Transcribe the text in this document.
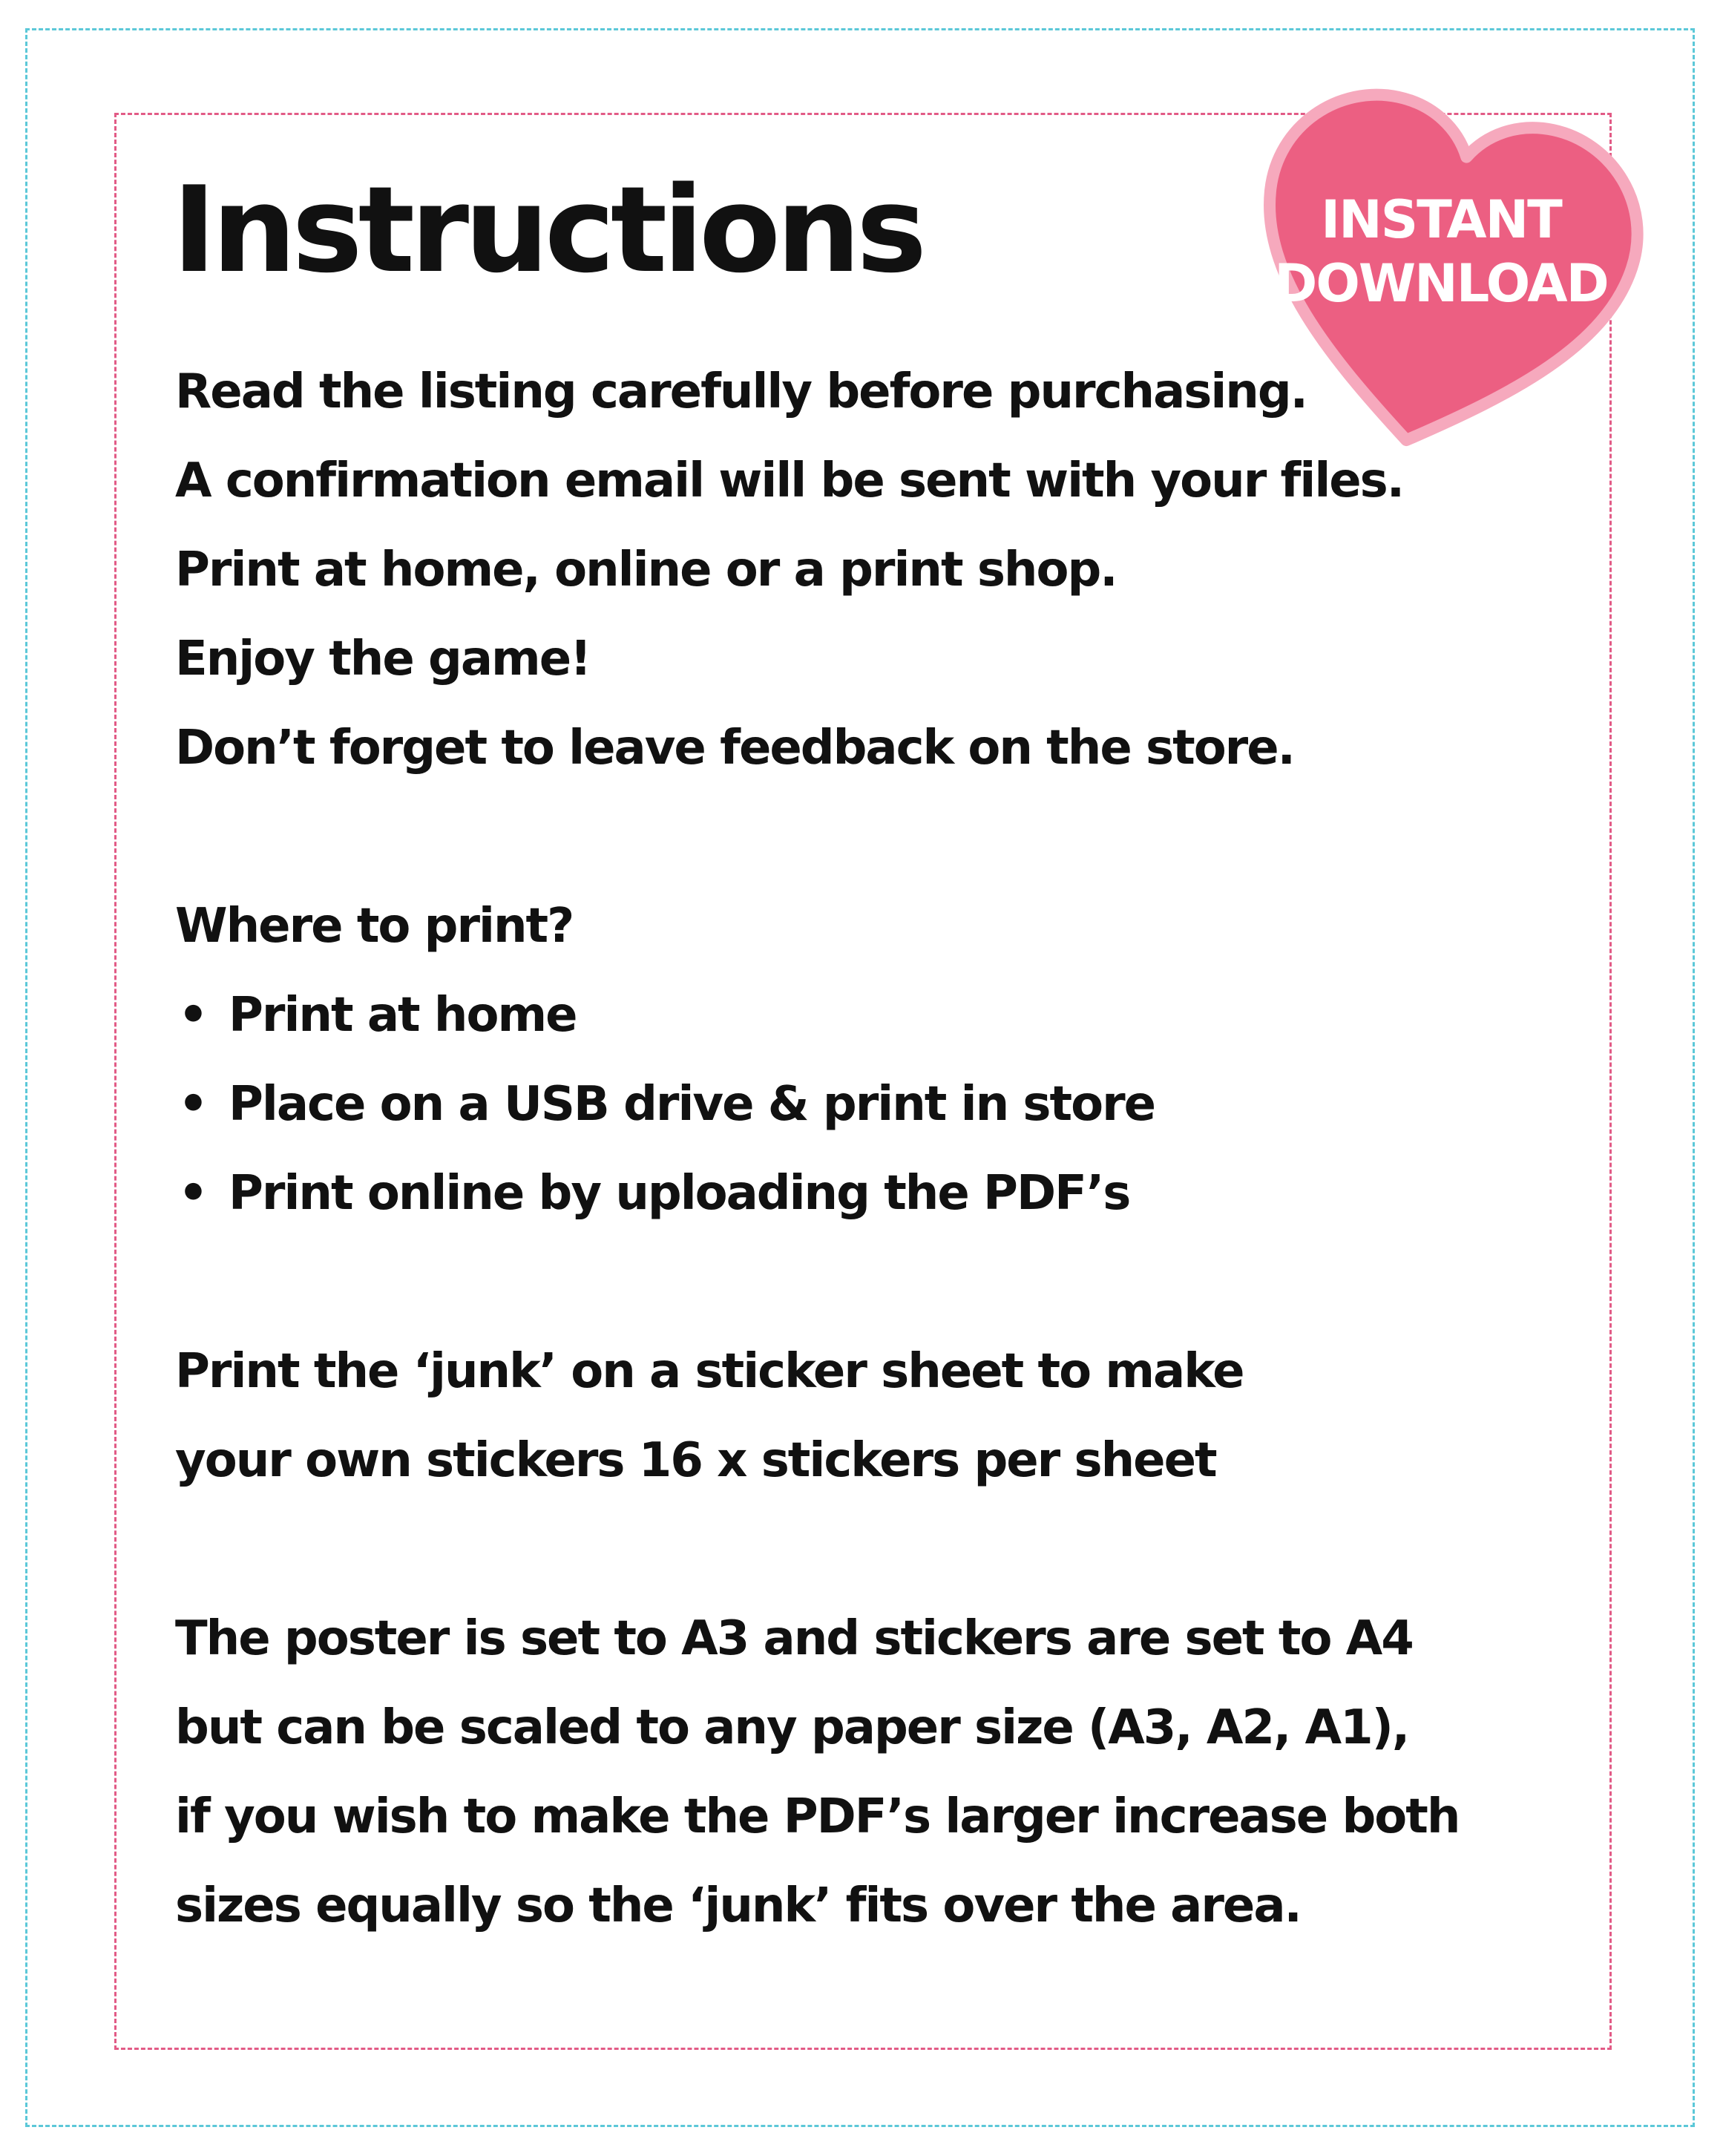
Instructions	INSTANT
DOWNLOAD
Read the listing carefully before purchasing.
A confirmation email will be sent with your files.
Print at home, online or a print shop.
Enjoy the game!
Don’t forget to leave feedback on the store.
Where to print?
• Print at home
• Place on a USB drive & print in store
• Print online by uploading the PDF’s
Print the ‘junk’ on a sticker sheet to make
your own stickers 16 x stickers per sheet
The poster is set to A3 and stickers are set to A4
but can be scaled to any paper size (A3, A2, A1),
if you wish to make the PDF’s larger increase both
sizes equally so the ‘junk’ fits over the area.
